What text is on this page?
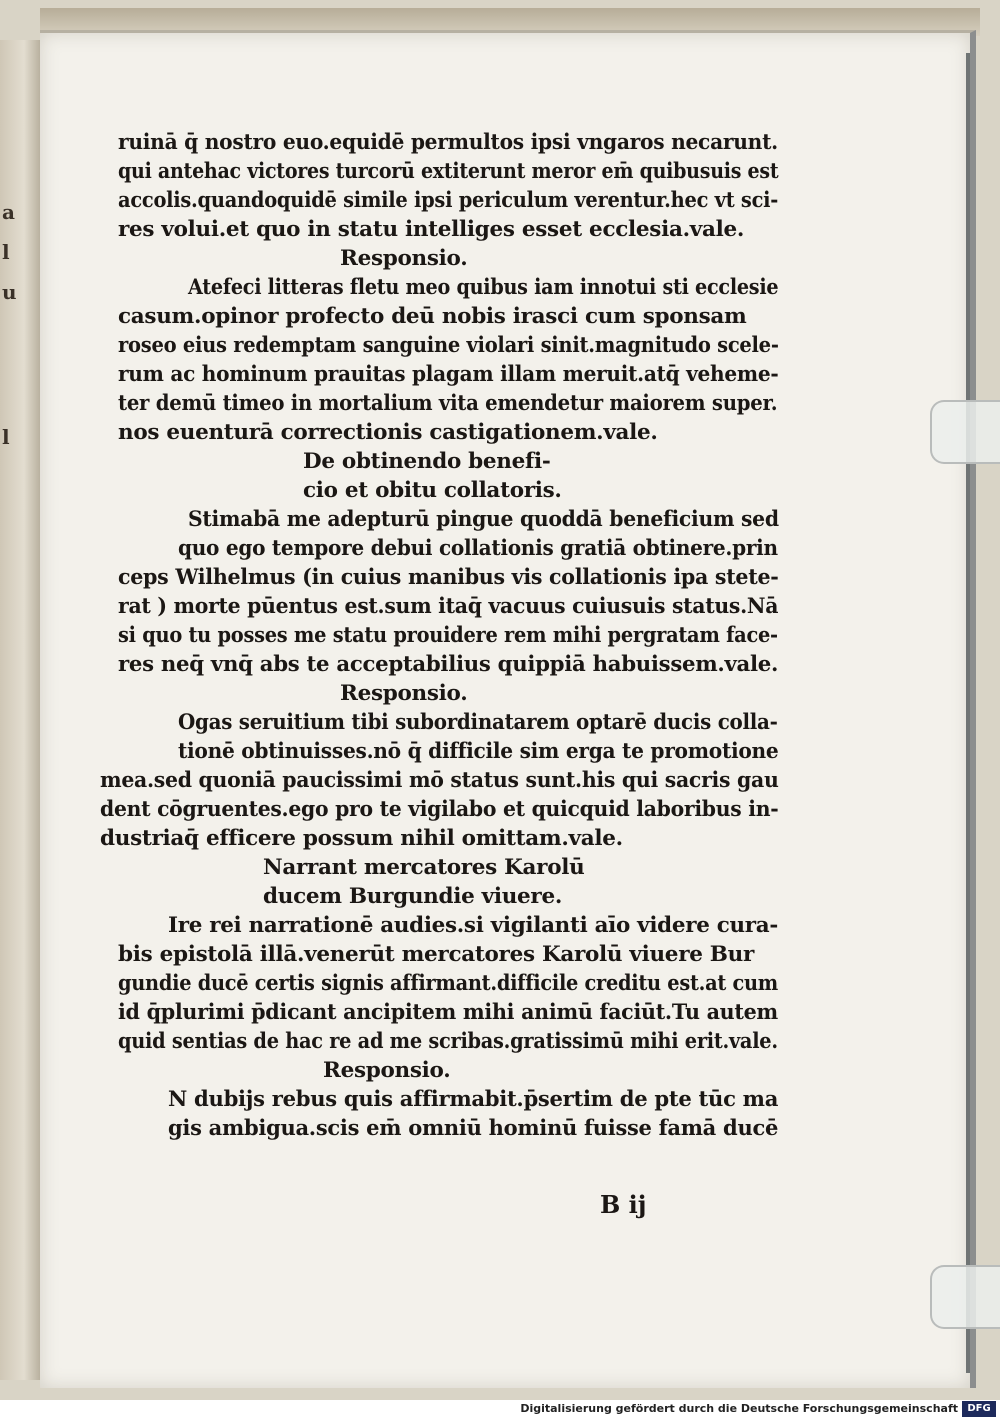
a
l
u
l
ruinā q̄ nostro euo.equidē permultos ipsi vngaros necarunt.
qui antehac victores turcorū extiterunt meror em̄ quibusuis est
accolis.quandoquidē simile ipsi periculum verentur.hec vt sci-
res volui.et quo in statu intelliges esset ecclesia.vale.
Responsio.
Atefeci litteras fletu meo quibus iam innotui sti ecclesie
casum.opinor profecto deū nobis irasci cum sponsam
roseo eius redemptam sanguine violari sinit.magnitudo scele-
rum ac hominum prauitas plagam illam meruit.atq̄ veheme-
ter demū timeo in mortalium vita emendetur maiorem super.
nos euenturā correctionis castigationem.vale.
De obtinendo benefi-
cio et obitu collatoris.
Stimabā me adepturū pingue quoddā beneficium sed
quo ego tempore debui collationis gratiā obtinere.prin
ceps Wilhelmus (in cuius manibus vis collationis ipa stete-
rat ) morte pūentus est.sum itaq̄ vacuus cuiusuis status.Nā
si quo tu posses me statu prouidere rem mihi pergratam face-
res neq̄ vnq̄ abs te acceptabilius quippiā habuissem.vale.
Responsio.
Ogas seruitium tibi subordinatarem optarē ducis colla-
tionē obtinuisses.nō q̄ difficile sim erga te promotione
mea.sed quoniā paucissimi mō status sunt.his qui sacris gau
dent cōgruentes.ego pro te vigilabo et quicquid laboribus in-
dustriaq̄ efficere possum nihil omittam.vale.
Narrant mercatores Karolū
ducem Burgundie viuere.
Ire rei narrationē audies.si vigilanti aīo videre cura-
bis epistolā illā.venerūt mercatores Karolū viuere Bur
gundie ducē certis signis affirmant.difficile creditu est.at cum
id q̄plurimi p̄dicant ancipitem mihi animū faciūt.Tu autem
quid sentias de hac re ad me scribas.gratissimū mihi erit.vale.
Responsio.
N dubijs rebus quis affirmabit.p̄sertim de pte tūc ma
gis ambigua.scis em̄ omniū hominū fuisse famā ducē
B ij
Digitalisierung gefördert durch die Deutsche Forschungsgemeinschaft DFG
